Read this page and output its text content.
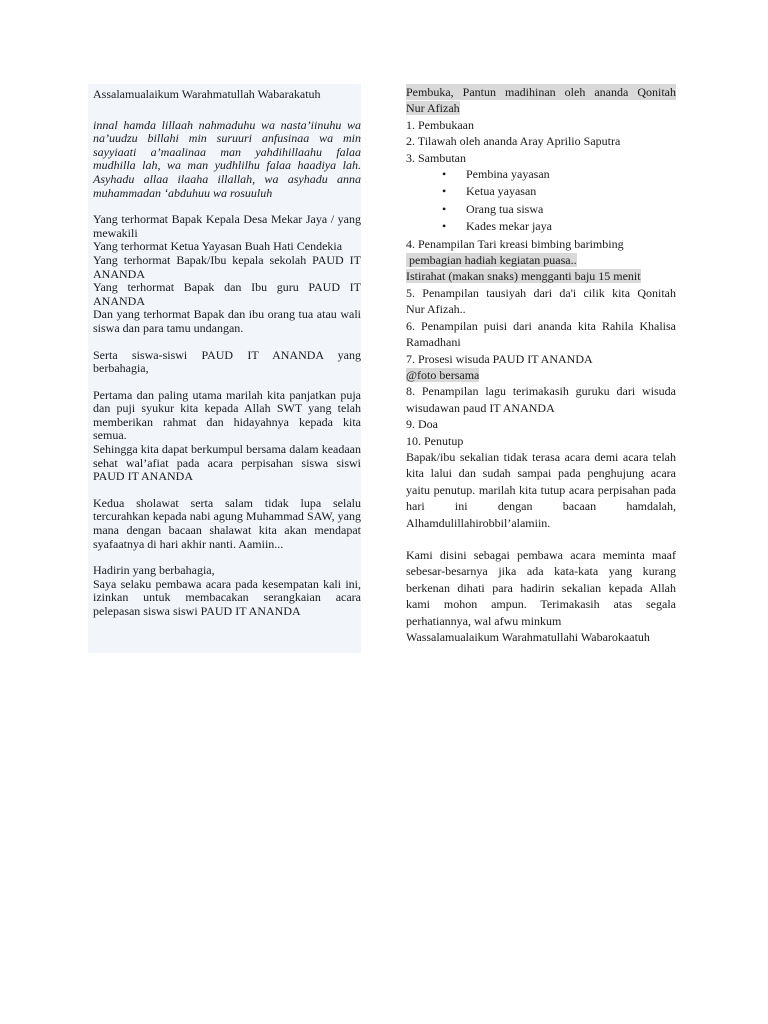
Assalamualaikum Warahmatullah Wabarakatuh

innal hamda lillaah nahmaduhu wa nasta’iinuhu wa na’uudzu billahi min suruuri anfusinaa wa min sayyiaati a’maalinaa man yahdihillaahu falaa mudhilla lah, wa man yudhlilhu falaa haadiya lah. Asyhadu allaa ilaaha illallah, wa asyhadu anna muhammadan ‘abduhuu wa rosuuluh

Yang terhormat Bapak Kepala Desa Mekar Jaya / yang mewakili

Yang terhormat Ketua Yayasan Buah Hati Cendekia

Yang terhormat Bapak/Ibu kepala sekolah PAUD IT ANANDA

Yang terhormat Bapak dan Ibu guru PAUD IT ANANDA

Dan yang terhormat Bapak dan ibu orang tua atau wali siswa dan para tamu undangan.

Serta siswa-siswi PAUD IT ANANDA yang berbahagia,

Pertama dan paling utama marilah kita panjatkan puja dan puji syukur kita kepada Allah SWT yang telah memberikan rahmat dan hidayahnya kepada kita semua.

Sehingga kita dapat berkumpul bersama dalam keadaan sehat wal’afiat pada acara perpisahan siswa siswi PAUD IT ANANDA

Kedua sholawat serta salam tidak lupa selalu tercurahkan kepada nabi agung Muhammad SAW, yang mana dengan bacaan shalawat kita akan mendapat syafaatnya di hari akhir nanti. Aamiin...

Hadirin yang berbahagia,

Saya selaku pembawa acara pada kesempatan kali ini, izinkan untuk membacakan serangkaian acara pelepasan siswa siswi PAUD IT ANANDA

Pembuka, Pantun madihinan oleh ananda Qonitah
Nur Afizah
1. Pembukaan
2. Tilawah oleh ananda Aray Aprilio Saputra
3. Sambutan
• Pembina yayasan
• Ketua yayasan
• Orang tua siswa
• Kades mekar jaya
4. Penampilan Tari kreasi bimbing barimbing
pembagian hadiah kegiatan puasa..
Istirahat (makan snaks) mengganti baju 15 menit
5. Penampilan tausiyah dari da'i cilik kita Qonitah
Nur Afizah..
6. Penampilan puisi dari ananda kita Rahila Khalisa
Ramadhani
7. Prosesi wisuda PAUD IT ANANDA
@foto bersama
8. Penampilan lagu terimakasih guruku dari wisuda
wisudawan paud IT ANANDA
9. Doa
10. Penutup

Bapak/ibu sekalian tidak terasa acara demi acara telah kita lalui dan sudah sampai pada penghujung acara yaitu penutup. marilah kita tutup acara perpisahan pada hari ini dengan bacaan hamdalah, Alhamdulillahirobbil’alamiin.

Kami disini sebagai pembawa acara meminta maaf sebesar-besarnya jika ada kata-kata yang kurang berkenan dihati para hadirin sekalian kepada Allah kami mohon ampun. Terimakasih atas segala perhatiannya, wal afwu minkum

Wassalamualaikum Warahmatullahi Wabarokaatuh
